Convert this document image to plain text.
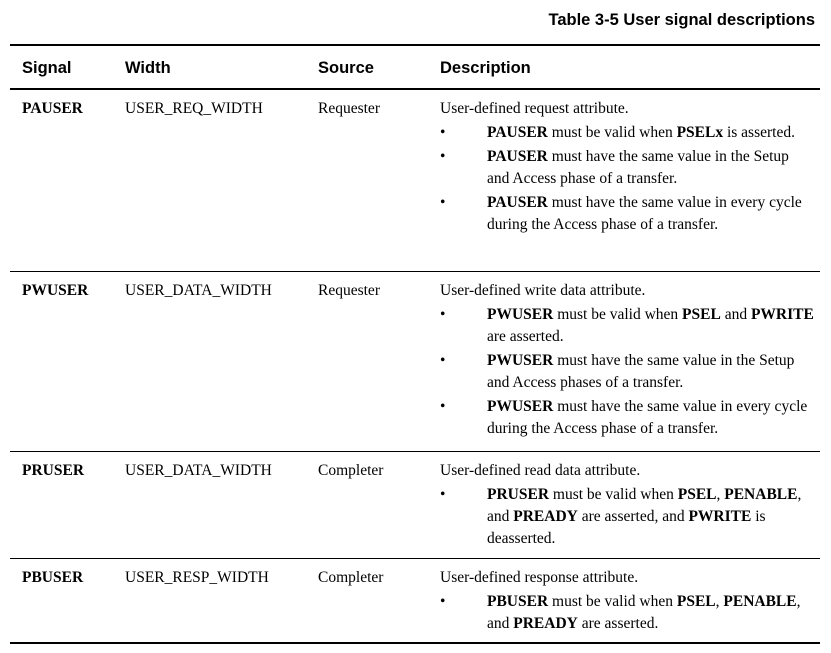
Table 3-5 User signal descriptions
Signal	Width	Source	Description
PAUSER	USER_REQ_WIDTH	Requester	User-defined request attribute.
•	PAUSER must be valid when PSELx is asserted.
•	PAUSER must have the same value in the Setup and Access phase of a transfer.
•	PAUSER must have the same value in every cycle during the Access phase of a transfer.
PWUSER USER_DATA_WIDTH	Requester	User-defined write data attribute.
•	PWUSER must be valid when PSEL and PWRITE are asserted.
•	PWUSER must have the same value in the Setup and Access phases of a transfer.
•	PWUSER must have the same value in every cycle during the Access phase of a transfer.
PRUSER	USER_DATA_WIDTH	Completer	User-defined read data attribute.
•	PRUSER must be valid when PSEL, PENABLE, and PREADY are asserted, and PWRITE is deasserted.
PBUSER	USER_RESP_WIDTH	Completer	User-defined response attribute.
•	PBUSER must be valid when PSEL, PENABLE, and PREADY are asserted.
